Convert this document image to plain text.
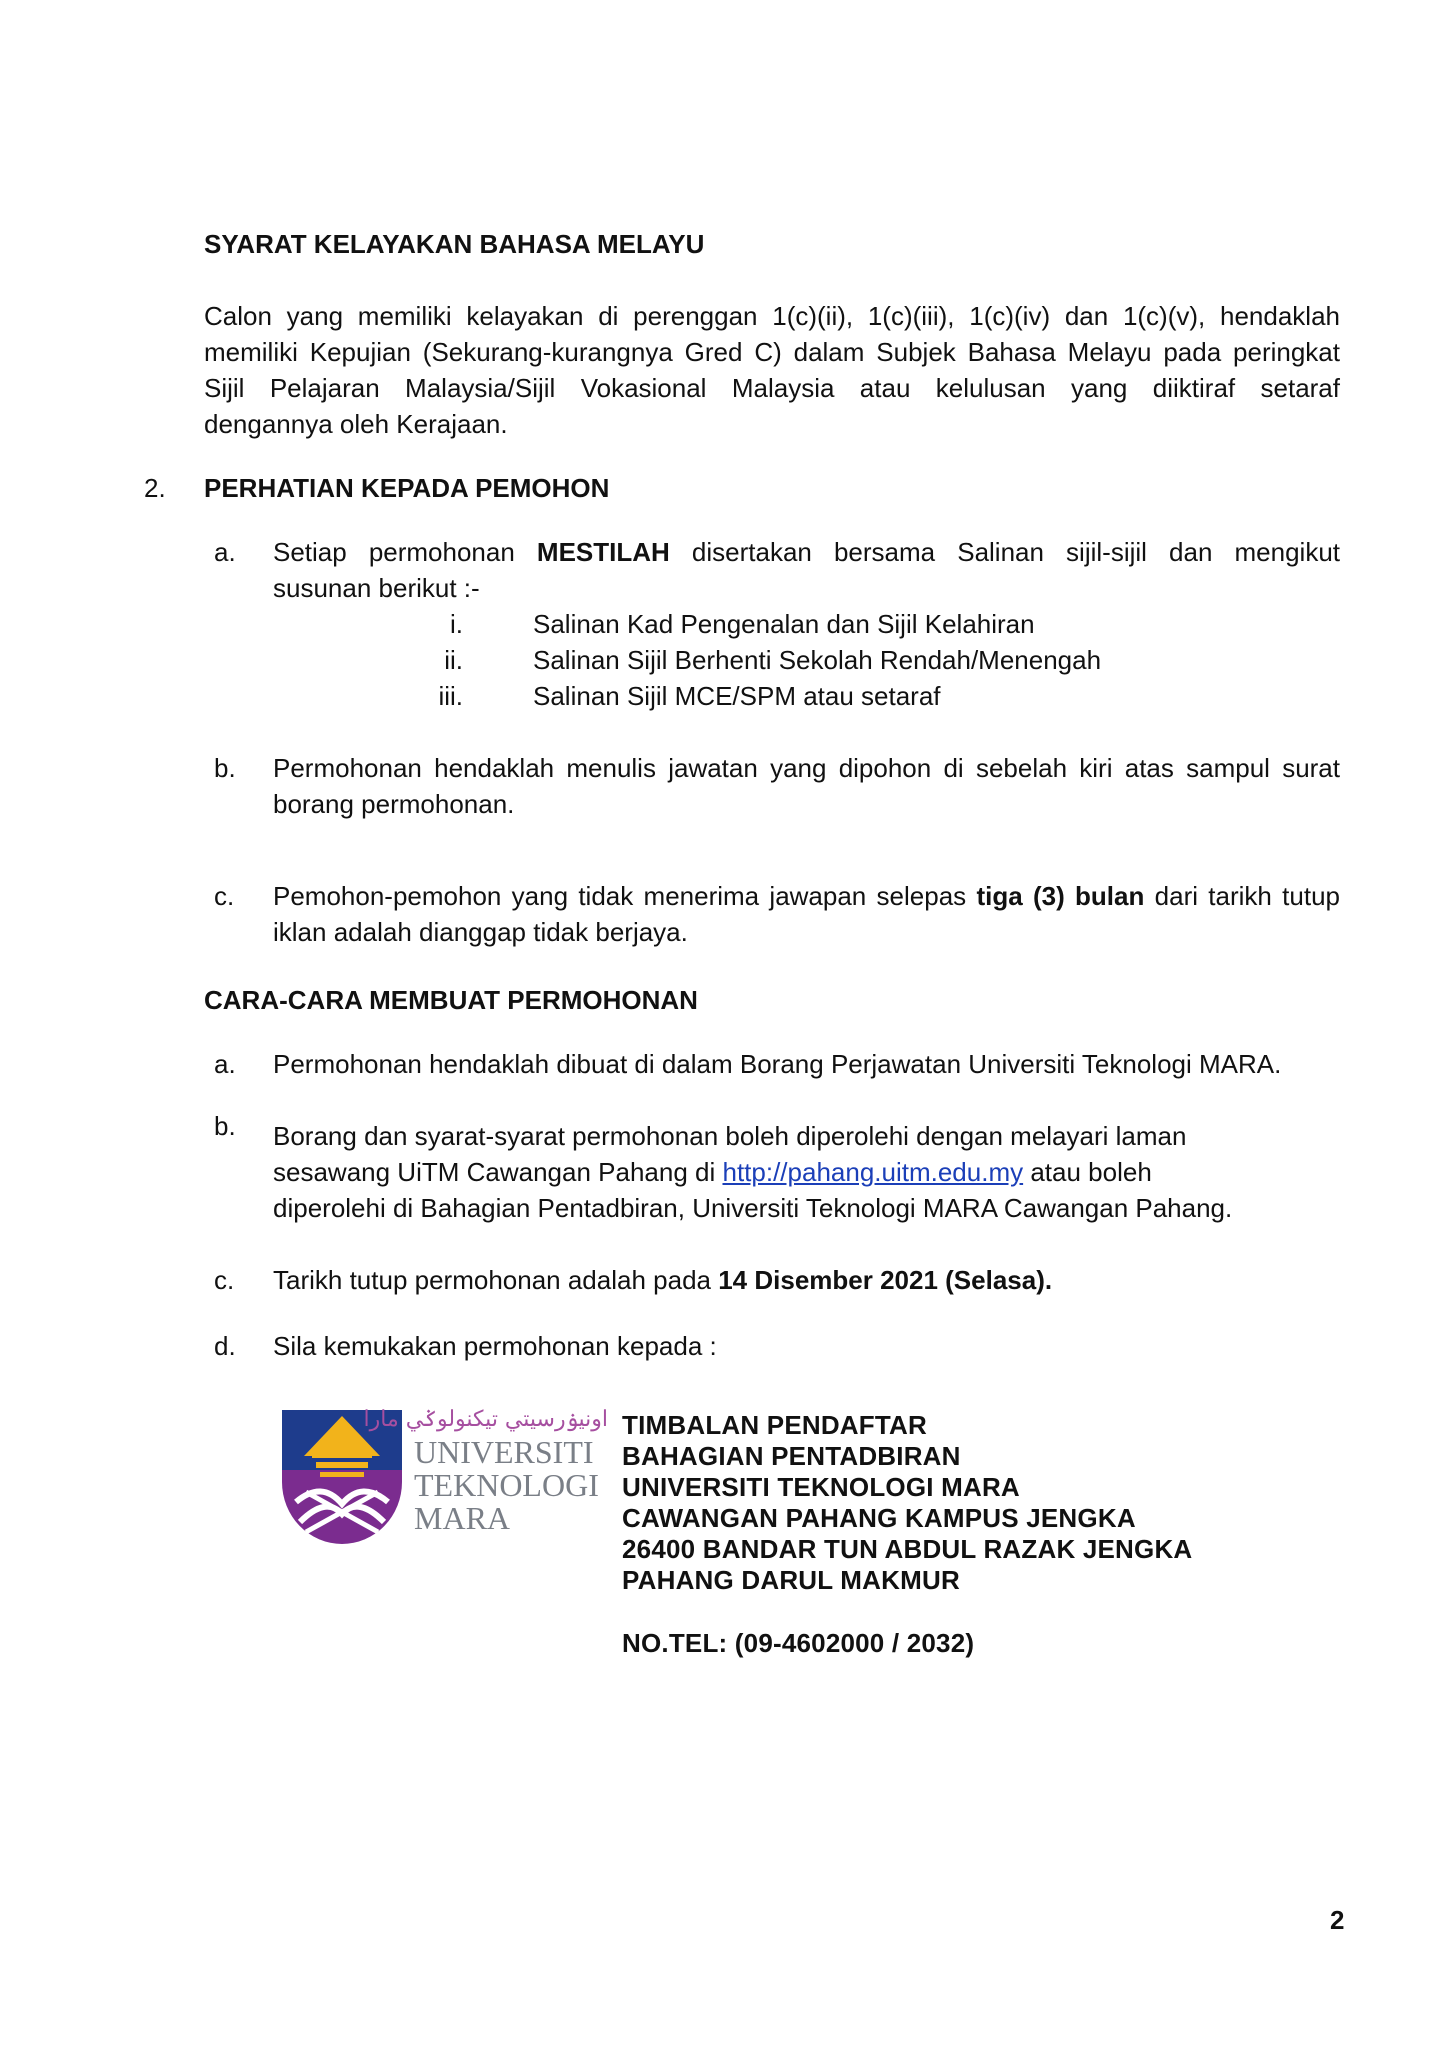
SYARAT KELAYAKAN BAHASA MELAYU
Calon yang memiliki kelayakan di perenggan 1(c)(ii), 1(c)(iii), 1(c)(iv) dan 1(c)(v), hendaklah
memiliki Kepujian (Sekurang-kurangnya Gred C) dalam Subjek Bahasa Melayu pada peringkat
Sijil Pelajaran Malaysia/Sijil Vokasional Malaysia atau kelulusan yang diiktiraf setaraf
dengannya oleh Kerajaan.
2. PERHATIAN KEPADA PEMOHON
a. Setiap permohonan MESTILAH disertakan bersama Salinan sijil-sijil dan mengikut
susunan berikut :-
i.	Salinan Kad Pengenalan dan Sijil Kelahiran
ii.	Salinan Sijil Berhenti Sekolah Rendah/Menengah
iii.	Salinan Sijil MCE/SPM atau setaraf
b. Permohonan hendaklah menulis jawatan yang dipohon di sebelah kiri atas sampul surat
borang permohonan.
c. Pemohon-pemohon yang tidak menerima jawapan selepas tiga (3) bulan dari tarikh tutup
iklan adalah dianggap tidak berjaya.
CARA-CARA MEMBUAT PERMOHONAN
a. Permohonan hendaklah dibuat di dalam Borang Perjawatan Universiti Teknologi MARA.
b. Borang dan syarat-syarat permohonan boleh diperolehi dengan melayari laman
sesawang UiTM Cawangan Pahang di http://pahang.uitm.edu.my atau boleh
diperolehi di Bahagian Pentadbiran, Universiti Teknologi MARA Cawangan Pahang.
c. Tarikh tutup permohonan adalah pada 14 Disember 2021 (Selasa).
d. Sila kemukakan permohonan kepada :
اونيۏرسيتي تيکنولوݢي مارا
UNIVERSITI
TEKNOLOGI
MARA
TIMBALAN PENDAFTAR
BAHAGIAN PENTADBIRAN
UNIVERSITI TEKNOLOGI MARA
CAWANGAN PAHANG KAMPUS JENGKA
26400 BANDAR TUN ABDUL RAZAK JENGKA
PAHANG DARUL MAKMUR
NO.TEL: (09-4602000 / 2032)
2
